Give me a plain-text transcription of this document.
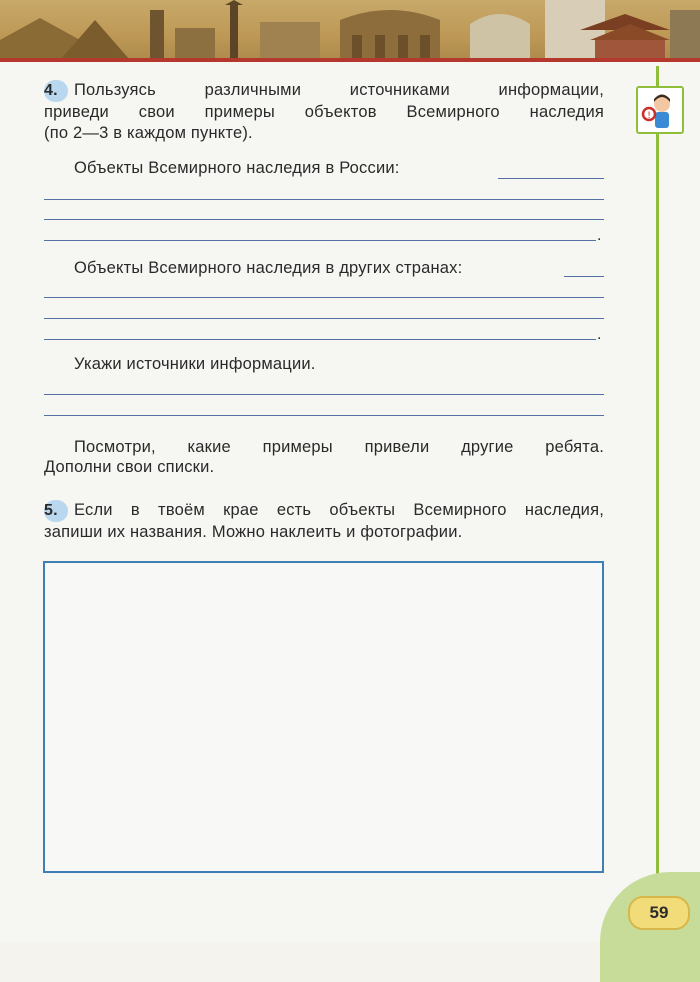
59
!
4. Пользуясь различными источниками информации,
приведи свои примеры объектов Всемирного наследия
(по 2—3 в каждом пункте).
Объекты Всемирного наследия в России:
.
Объекты Всемирного наследия в других странах:
.
Укажи источники информации.
Посмотри, какие примеры привели другие ребята.
Дополни свои списки.
5. Если в твоём крае есть объекты Всемирного наследия,
запиши их названия. Можно наклеить и фотографии.
